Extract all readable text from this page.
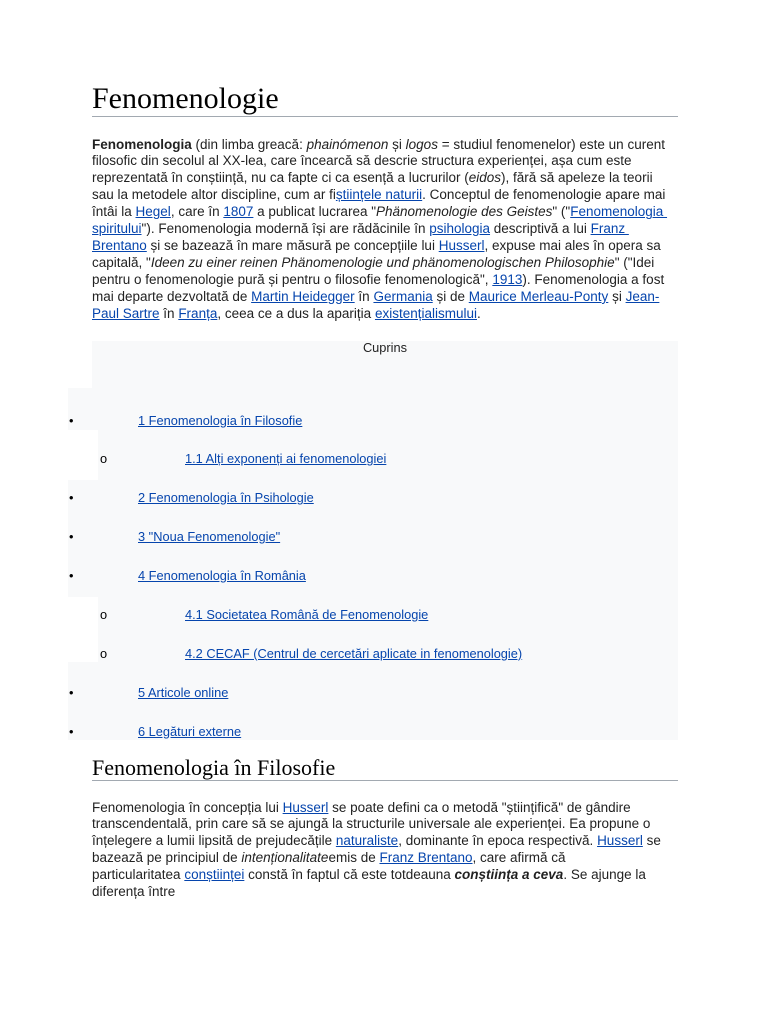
Fenomenologie
Fenomenologia (din limba greacă: phainómenon și logos = studiul fenomenelor) este un curent
filosofic din secolul al XX-lea, care încearcă să descrie structura experienței, așa cum este
reprezentată în conștiință, nu ca fapte ci ca esență a lucrurilor (eidos), fără să apeleze la teorii
sau la metodele altor discipline, cum ar fiștiințele naturii. Conceptul de fenomenologie apare mai
întâi la Hegel, care în 1807 a publicat lucrarea "Phänomenologie des Geistes" ("Fenomenologia
spiritului"). Fenomenologia modernă își are rădăcinile în psihologia descriptivă a lui Franz
Brentano și se bazează în mare măsură pe concepțiile lui Husserl, expuse mai ales în opera sa
capitală, "Ideen zu einer reinen Phänomenologie und phänomenologischen Philosophie" ("Idei
pentru o fenomenologie pură și pentru o filosofie fenomenologică", 1913). Fenomenologia a fost
mai departe dezvoltată de Martin Heidegger în Germania și de Maurice Merleau-Ponty și Jean-
Paul Sartre în Franța, ceea ce a dus la apariția existențialismului.
Cuprins
•	1 Fenomenologia în Filosofie
o	1.1 Alți exponenți ai fenomenologiei
•	2 Fenomenologia în Psihologie
•	3 "Noua Fenomenologie"
•	4 Fenomenologia în România
o	4.1 Societatea Română de Fenomenologie
o	4.2 CECAF (Centrul de cercetări aplicate in fenomenologie)
•	5 Articole online
•	6 Legături externe
Fenomenologia în Filosofie
Fenomenologia în concepția lui Husserl se poate defini ca o metodă "științifică" de gândire
transcendentală, prin care să se ajungă la structurile universale ale experienței. Ea propune o
înțelegere a lumii lipsită de prejudecățile naturaliste, dominante în epoca respectivă. Husserl se
bazează pe principiul de intenționalitateemis de Franz Brentano, care afirmă că
particularitatea conștiinței constă în faptul că este totdeauna conștiința a ceva. Se ajunge la
diferența între
